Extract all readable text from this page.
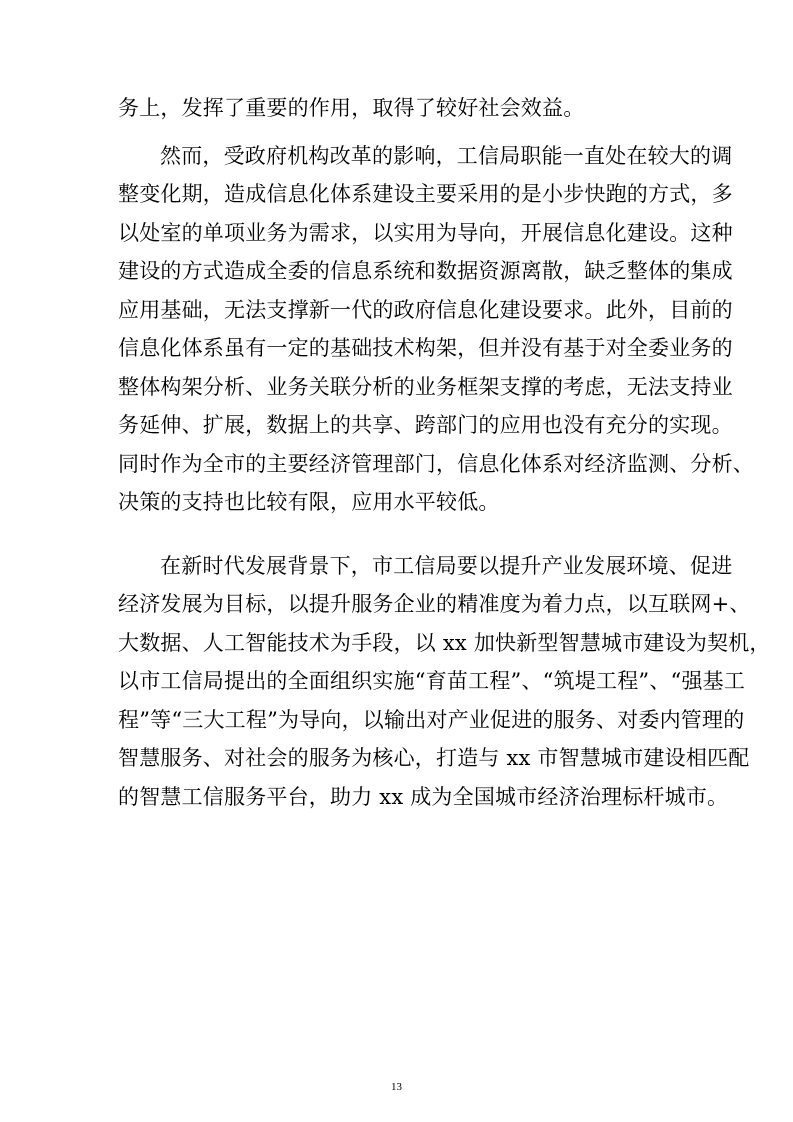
务上，发挥了重要的作用，取得了较好社会效益。
然而，受政府机构改革的影响，工信局职能一直处在较大的调
整变化期，造成信息化体系建设主要采用的是小步快跑的方式，多
以处室的单项业务为需求，以实用为导向，开展信息化建设。这种
建设的方式造成全委的信息系统和数据资源离散，缺乏整体的集成
应用基础，无法支撑新一代的政府信息化建设要求。此外，目前的
信息化体系虽有一定的基础技术构架，但并没有基于对全委业务的
整体构架分析、业务关联分析的业务框架支撑的考虑，无法支持业
务延伸、扩展，数据上的共享、跨部门的应用也没有充分的实现。
同时作为全市的主要经济管理部门，信息化体系对经济监测、分析、
决策的支持也比较有限，应用水平较低。
在新时代发展背景下，市工信局要以提升产业发展环境、促进
经济发展为目标，以提升服务企业的精准度为着力点，以互联网+、
大数据、人工智能技术为手段，以 xx 加快新型智慧城市建设为契机，
以市工信局提出的全面组织实施“育苗工程”、“筑堤工程”、“强基工
程”等“三大工程”为导向，以输出对产业促进的服务、对委内管理的
智慧服务、对社会的服务为核心，打造与 xx 市智慧城市建设相匹配
的智慧工信服务平台，助力 xx 成为全国城市经济治理标杆城市。
13
